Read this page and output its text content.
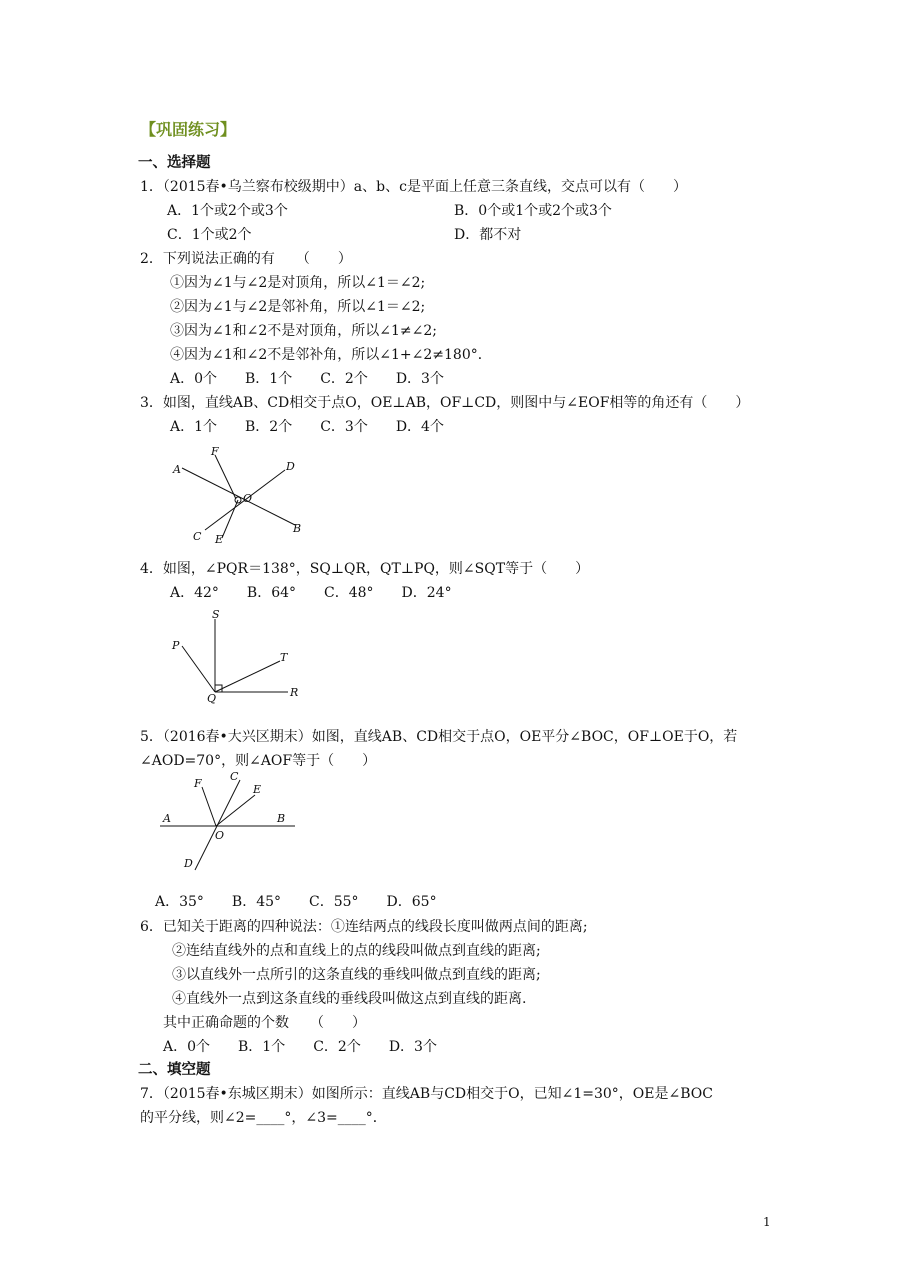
【巩固练习】
一、选择题
1．（2015春•乌兰察布校级期中）a、b、c是平面上任意三条直线，交点可以有（　　）
A．1个或2个或3个	B．0个或1个或2个或3个
C．1个或2个	D．都不对
2．下列说法正确的有　　（　　）
①因为∠1与∠2是对顶角，所以∠1＝∠2;
②因为∠1与∠2是邻补角，所以∠1＝∠2;
③因为∠1和∠2不是对顶角，所以∠1≠∠2;
④因为∠1和∠2不是邻补角，所以∠1+∠2≠180°．
A．0个　　B．1个　　C．2个　　D．3个
3．如图，直线AB、CD相交于点O，OE⊥AB，OF⊥CD，则图中与∠EOF相等的角还有（　　）
A．1个　　B．2个　　C．3个　　D．4个
A
B
C
D
E
F
O
4．如图，∠PQR＝138°，SQ⊥QR，QT⊥PQ，则∠SQT等于（　　）
A．42°　　B．64°　　C．48°　　D．24°
S
P
T
Q	R
5．（2016春•大兴区期末）如图，直线AB、CD相交于点O，OE平分∠BOC，OF⊥OE于O，若
∠AOD=70°，则∠AOF等于（　　）
A	B
C
D
E
F
O
A．35°　　B．45°　　C．55°　　D．65°
6．已知关于距离的四种说法：①连结两点的线段长度叫做两点间的距离;
②连结直线外的点和直线上的点的线段叫做点到直线的距离;
③以直线外一点所引的这条直线的垂线叫做点到直线的距离;
④直线外一点到这条直线的垂线段叫做这点到直线的距离.
其中正确命题的个数　　（　　）
A．0个　　B．1个　　C．2个　　D．3个
二、填空题
7．（2015春•东城区期末）如图所示：直线AB与CD相交于O，已知∠1=30°，OE是∠BOC
的平分线，则∠2=____°，∠3=____°．
1
